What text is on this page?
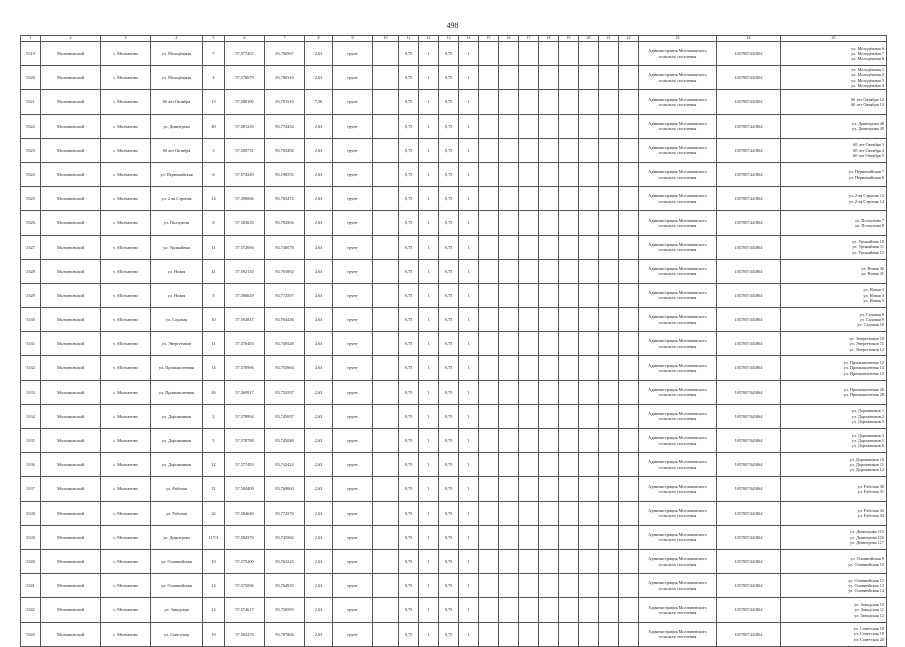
498
1	2	3	4	5	6	7	8	9	10	11	12	13	14	15	16	17	18	19	20	21	22	23	24	25
5319	Молчановский	с. Молчаново	ул. Молодёжная	7	57,577467	83,790567	2,63	грунт		0,75	1	0,75	1									Администрация Молчановского сельского поселения	1057007441864	ул. Молодёжная 6
ул. Молодёжная 7
ул. Молодёжная 8

5320	Молчановский	с. Молчаново	ул. Молодёжная	4	57,576679	83,780316	2,63	грунт		0,75	1	0,75	1									Администрация Молчановского сельского поселения	1057007441864	ул. Молодёжная 1
ул. Молодёжная 2
ул. Молодёжная 3
ул. Молодёжная 4

5321	Молчановский	с. Молчаново	60 лет Октября	13	57,580190	83,781516	7,56	грунт		0,75	1	0,75	1									Администрация Молчановского сельского поселения	1057007441864	60 лет Октября 12
60 лет Октября 13

5322	Молчановский	с. Молчаново	ул. Димитрова	49	57,581239	83,774434	2,63	грунт		0,75	1	0,75	1									Администрация Молчановского сельского поселения	1057007441864	ул. Димитрова 48
ул. Димитрова 49

5323	Молчановский	с. Молчаново	60 лет Октября	3	57,580731	83,783492	2,63	грунт		0,75	1	0,75	1									Администрация Молчановского сельского поселения	1057007441864	60 лет Октября 3
60 лет Октября 4
60 лет Октября 5

5324	Молчановский	с. Молчаново	ул. Первомайская	6	57,574349	83,196555	2,63	грунт		0,75	1	0,75	1									Администрация Молчановского сельского поселения	1057007441864	ул. Первомайская 7
ул. Первомайская 6

5325	Молчановский	с. Молчаново	ул. 2-ая Строная	14	57,598066	83,765474	2,63	грунт		0,75	1	0,75	1									Администрация Молчановского сельского поселения	1057007441864	ул. 2-ая Строная 13
ул. 2-ая Строная 14

5326	Молчановский	с. Молчаново	ул. Ползунова	8	57,583635	83,784504	2,63	грунт		0,75	1	0,75	1									Администрация Молчановского сельского поселения	1057007441864	ул. Ползунова 7
ул. Ползунова 8

5327	Молчановский	с. Молчаново	ул. Урожайная	11	57,572066	83,740078	2,63	грунт		0,75	1	0,75	1									Администрация Молчановского сельского поселения	1057007441864	ул. Урожайная 10
ул. Урожайная 11
ул. Урожайная 12

5328	Молчановский	с. Молчаново	ул. Новая	41	57,592135	83,761892	2,63	грунт		0,75	1	0,75	1									Администрация Молчановского сельского поселения	1057007441864	ул. Новая 40
ул. Новая 41

5329	Молчановский	с. Молчаново	ул. Новая	5	57,586629	83,772597	2,63	грунт		0,75	1	0,75	1									Администрация Молчановского сельского поселения	1057007441864	ул. Новая 3
ул. Новая 4
ул. Новая 5

5330	Молчановский	с. Молчаново	ул. Садовая	10	57,592847	83,764436	2,63	грунт		0,75	1	0,75	1									Администрация Молчановского сельского поселения	1057007441864	ул. Садовая 8
ул. Садовая 9
ул. Садовая 10

5331	Молчановский	с. Молчаново	ул. Энергетиков	11	57,576483	83,749528	2,63	грунт		0,75	1	0,75	1									Администрация Молчановского сельского поселения	1057007441864	ул. Энергетиков 10
ул. Энергетиков 11
ул. Энергетиков 12

5332	Молчановский	с. Молчаново	ул. Промышленная	14	57,570966	83,753964	2,63	грунт		0,75	1	0,75	1									Администрация Молчановского сельского поселения	1057007441864	ул. Промышленная 12
ул. Промышленная 14
ул. Промышленная 15

5333	Молчановский	с. Молчаново	ул. Промышленная	26	57,569917	83,752597	2,63	грунт		0,75	1	0,75	1									Администрация Молчановского сельского поселения	1057007441864	ул. Промышленная 26
ул. Промышленная 28

5334	Молчановский	с. Молчаново	ул. Дорожников	2	57,578994	83,745697	2,63	грунт		0,75	1	0,75	1									Администрация Молчановского сельского поселения	1057007441864	ул. Дорожников 1
ул. Дорожников 2
ул. Дорожников 3

5335	Молчановский	с. Молчаново	ул. Дорожников	5	57,578788	83,745048	2,63	грунт		0,75	1	0,75	1									Администрация Молчановского сельского поселения	1057007441864	ул. Дорожников 4
ул. Дорожников 5
ул. Дорожников 6

5336	Молчановский	с. Молчаново	ул. Дорожников	12	57,577483	83,742424	2,63	грунт		0,75	1	0,75	1									Администрация Молчановского сельского поселения	1057007441864	ул. Дорожников 10
ул. Дорожников 11
ул. Дорожников 12

5337	Молчановский	с. Молчаново	ул. Рабочая	31	57,584409	83,769860	2,63	грунт		0,75	1	0,75	1									Администрация Молчановского сельского поселения	1057007441864	ул. Рабочая 30
ул. Рабочая 31

5338	Молчановский	с. Молчаново	ул. Рабочая	32	57,584646	83,772576	2,63	грунт		0,75	1	0,75	1									Администрация Молчановского сельского поселения	1057007441864	ул. Рабочая 32
ул. Рабочая 33

5339	Молчановский	с. Молчаново	ул. Димитрова	117/3	57,584376	83,745562	2,63	грунт		0,75	1	0,75	1									Администрация Молчановского сельского поселения	1057007441864	ул. Димитрова 115
ул. Димитрова 116
ул. Димитрова 117

5340	Молчановский	с. Молчаново	ул. Оловинйская	10	57,575200	83,763225	2,63	грунт		0,75	1	0,75	1									Администрация Молчановского сельского поселения	1057007441864	ул. Оловинйская 9
ул. Оловинйская 10

5341	Молчановский	с. Молчаново	ул. Оловинйская	14	57,575066	83,764935	2,63	грунт		0,75	1	0,75	1									Администрация Молчановского сельского поселения	1057007441864	ул. Оловинйская 12
ул. Оловинйская 13
ул. Оловинйская 14

5342	Молчановский	с. Молчаново	ул. Заводская	12	57,574617	83,756593	2,63	грунт		0,75	1	0,75	1									Администрация Молчановского сельского поселения	1057007441864	ул. Заводская 10
ул. Заводская 11
ул. Заводская 12

5343	Молчановский	с. Молчаново	ул. Советская	19	57,582276	83,787804	2,63	грунт		0,75	1	0,75	1									Администрация Молчановского сельского поселения	1057007441864	ул. Советская 18
ул. Советская 19
ул. Советская 20
